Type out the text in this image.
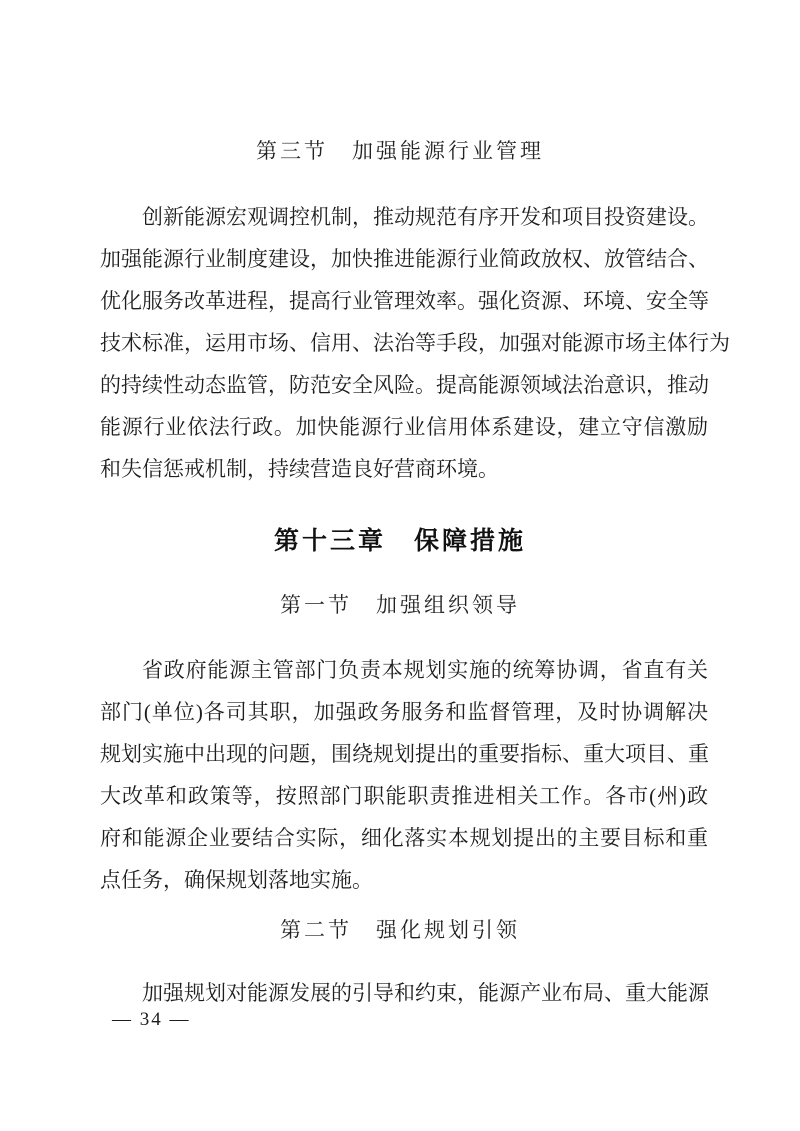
第三节　加强能源行业管理
创新能源宏观调控机制，推动规范有序开发和项目投资建设。
加强能源行业制度建设，加快推进能源行业简政放权、放管结合、
优化服务改革进程，提高行业管理效率。强化资源、环境、安全等
技术标准，运用市场、信用、法治等手段，加强对能源市场主体行为
的持续性动态监管，防范安全风险。提高能源领域法治意识，推动
能源行业依法行政。加快能源行业信用体系建设，建立守信激励
和失信惩戒机制，持续营造良好营商环境。
第十三章　保障措施
第一节　加强组织领导
省政府能源主管部门负责本规划实施的统筹协调，省直有关
部门(单位)各司其职，加强政务服务和监督管理，及时协调解决
规划实施中出现的问题，围绕规划提出的重要指标、重大项目、重
大改革和政策等，按照部门职能职责推进相关工作。各市(州)政
府和能源企业要结合实际，细化落实本规划提出的主要目标和重
点任务，确保规划落地实施。
第二节　强化规划引领
加强规划对能源发展的引导和约束，能源产业布局、重大能源
— 34 —
